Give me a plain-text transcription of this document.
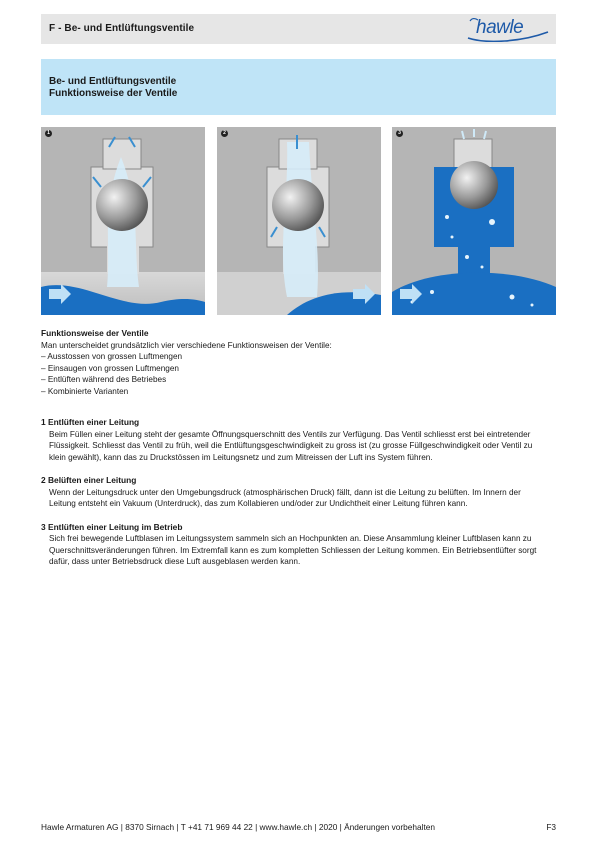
F - Be- und Entlüftungsventile	hawle
Be- und Entlüftungsventile
Funktionsweise der Ventile
1	2	3

Funktionsweise der Ventile

Man unterscheidet grundsätzlich vier verschiedene Funktionsweisen der Ventile:

– Ausstossen von grossen Luftmengen

– Einsaugen von grossen Luftmengen

– Entlüften während des Betriebes

– Kombinierte Varianten

1 Entlüften einer Leitung

Beim Füllen einer Leitung steht der gesamte Öffnungsquerschnitt des Ventils zur Verfügung. Das Ventil schliesst erst bei eintretender

Flüssigkeit. Schliesst das Ventil zu früh, weil die Entlüftungsgeschwindigkeit zu gross ist (zu grosse Füllgeschwindigkeit oder Ventil zu

klein gewählt), kann das zu Druckstössen im Leitungsnetz und zum Mitreissen der Luft ins System führen.

2 Belüften einer Leitung

Wenn der Leitungsdruck unter den Umgebungsdruck (atmosphärischen Druck) fällt, dann ist die Leitung zu belüften. Im Innern der

Leitung entsteht ein Vakuum (Unterdruck), das zum Kollabieren und/oder zur Undichtheit einer Leitung führen kann.

3 Entlüften einer Leitung im Betrieb

Sich frei bewegende Luftblasen im Leitungssystem sammeln sich an Hochpunkten an. Diese Ansammlung kleiner Luftblasen kann zu

Querschnittsveränderungen führen. Im Extremfall kann es zum kompletten Schliessen der Leitung kommen. Ein Betriebsentlüfter sorgt

dafür, dass unter Betriebsdruck diese Luft ausgeblasen werden kann.

Hawle Armaturen AG | 8370 Sirnach | T +41 71 969 44 22 | www.hawle.ch | 2020 | Änderungen vorbehalten	F3
